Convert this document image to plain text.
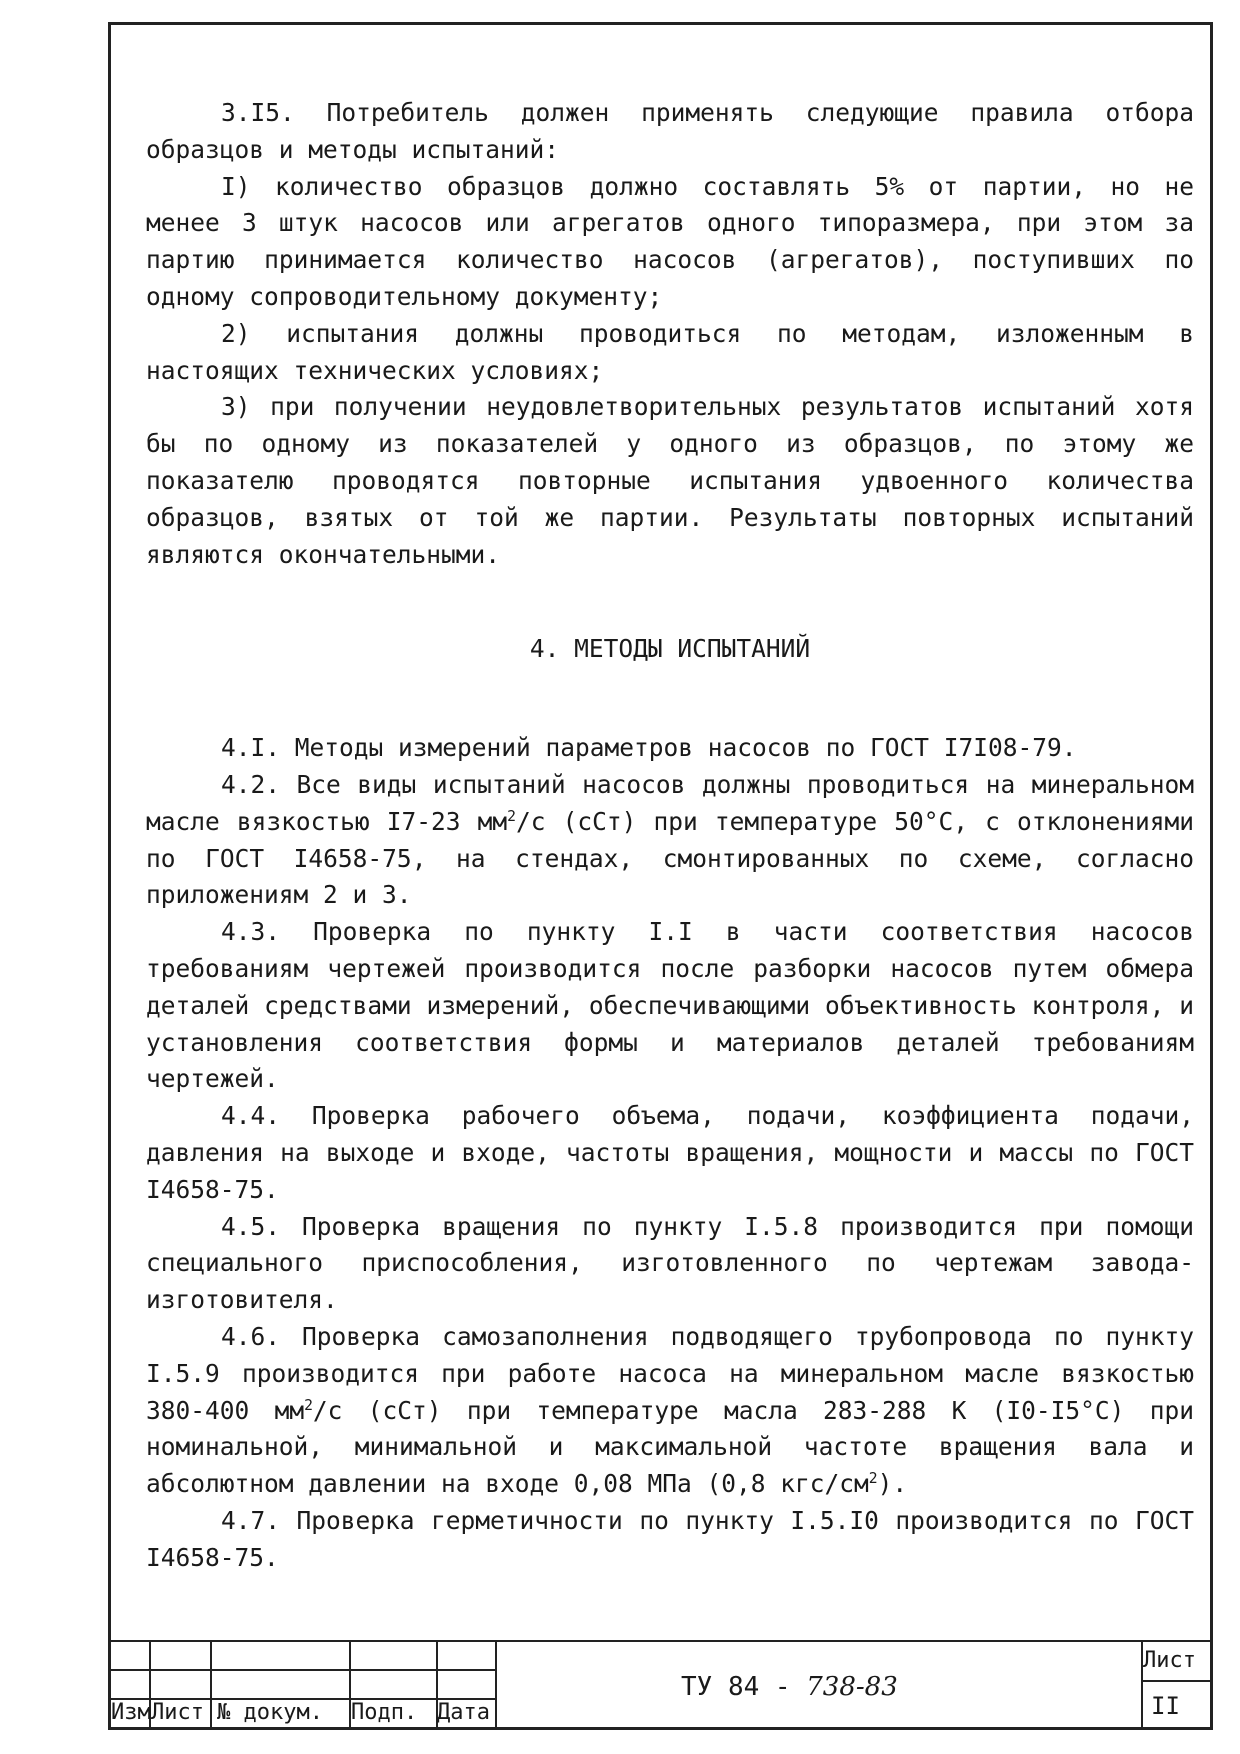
3.I5. Потребитель должен применять следующие правила отбора образцов и методы испытаний:

I) количество образцов должно составлять 5% от партии, но не менее 3 штук насосов или агрегатов одного типоразмера, при этом за партию принимается количество насосов (агрегатов), поступивших по одному сопроводительному документу;

2) испытания должны проводиться по методам, изложенным в настоящих технических условиях;

3) при получении неудовлетворительных результатов испытаний хотя бы по одному из показателей у одного из образцов, по этому же показателю проводятся повторные испытания удвоенного количества образцов, взятых от той же партии. Результаты повторных испытаний являются окончательными.

4. МЕТОДЫ ИСПЫТАНИЙ

4.I. Методы измерений параметров насосов по ГОСТ I7I08-79.

4.2. Все виды испытаний насосов должны проводиться на минеральном масле вязкостью I7-23 $мм^2/с$ (сСт) при температуре 50°С, с отклонениями по ГОСТ I4658-75, на стендах, смонтированных по схеме, согласно приложениям 2 и 3.

4.3. Проверка по пункту I.I в части соответствия насосов требованиям чертежей производится после разборки насосов путем обмера деталей средствами измерений, обеспечивающими объективность контроля, и установления соответствия формы и материалов деталей требованиям чертежей.

4.4. Проверка рабочего объема, подачи, коэффициента подачи, давления на выходе и входе, частоты вращения, мощности и массы по ГОСТ I4658-75.

4.5. Проверка вращения по пункту I.5.8 производится при помощи специального приспособления, изготовленного по чертежам завода-изготовителя.

4.6. Проверка самозаполнения подводящего трубопровода по пункту I.5.9 производится при работе насоса на минеральном масле вязкостью 380-400 $мм^2/с$ (сСт) при температуре масла 283-288 К (I0-I5°С) при номинальной, минимальной и максимальной частоте вращения вала и абсолютном давлении на входе 0,08 МПа (0,8 кгс/$см^2$).

4.7. Проверка герметичности по пункту I.5.I0 производится по ГОСТ I4658-75.

Изм Лист № докум. Подп. Дата
ТУ 84 - 738-83
Лист
II
